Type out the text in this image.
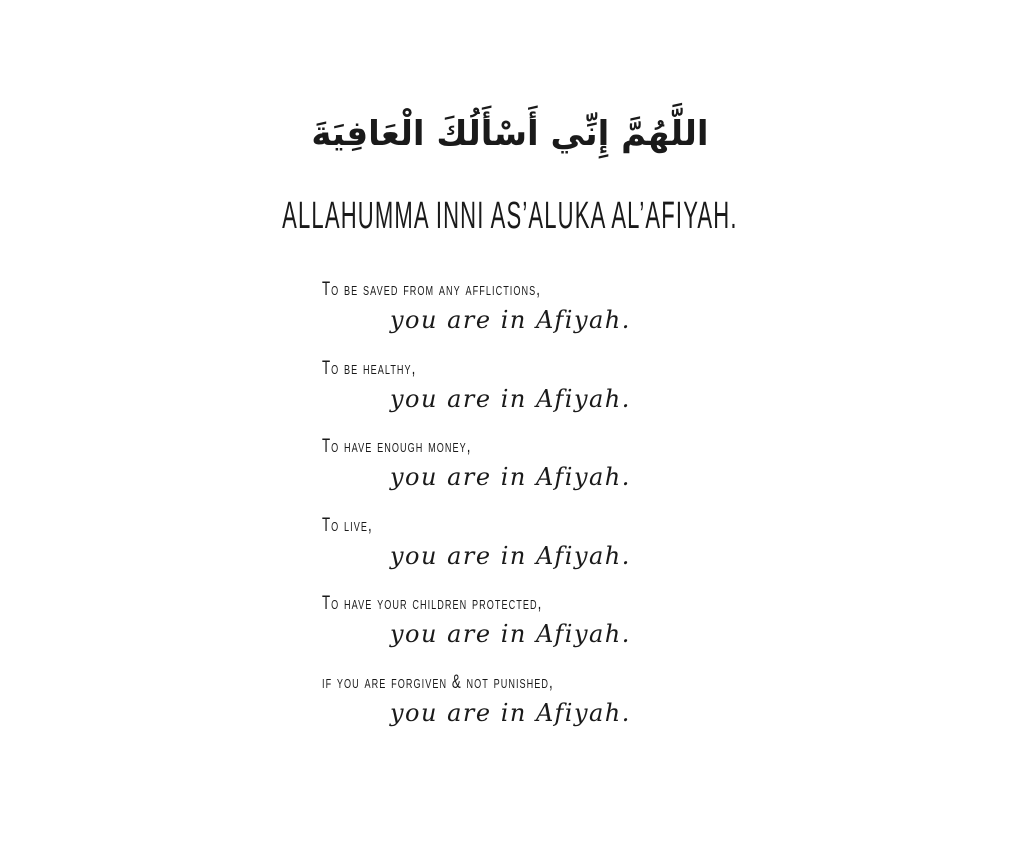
اللَّهُمَّ إِنِّي أَسْأَلُكَ الْعَافِيَةَ

ALLAHUMMA INNI AS’ALUKA AL’AFIYAH.

To be saved from any afflictions,
you are in Afiyah.
To be healthy,
you are in Afiyah.
To have enough money,
you are in Afiyah.
To live,
you are in Afiyah.
To have your children protected,
you are in Afiyah.
if you are forgiven & not punished,
you are in Afiyah.
